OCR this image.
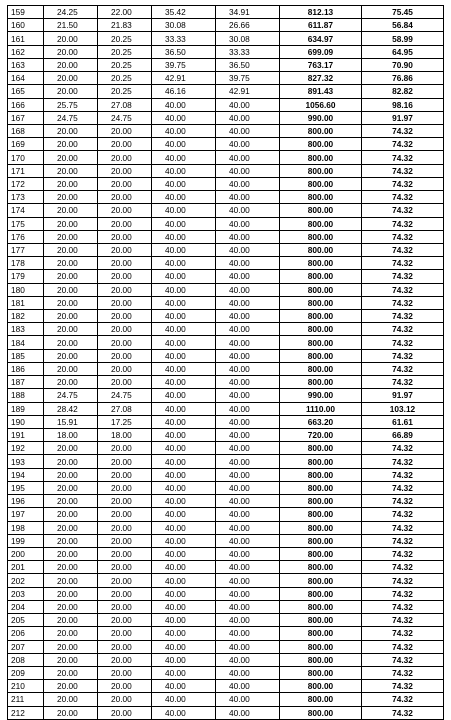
159	24.25	22.00	35.42	34.91	812.13	75.45
160	21.50	21.83	30.08	26.66	611.87	56.84
161	20.00	20.25	33.33	30.08	634.97	58.99
162	20.00	20.25	36.50	33.33	699.09	64.95
163	20.00	20.25	39.75	36.50	763.17	70.90
164	20.00	20.25	42.91	39.75	827.32	76.86
165	20.00	20.25	46.16	42.91	891.43	82.82
166	25.75	27.08	40.00	40.00	1056.60	98.16
167	24.75	24.75	40.00	40.00	990.00	91.97
168	20.00	20.00	40.00	40.00	800.00	74.32
169	20.00	20.00	40.00	40.00	800.00	74.32
170	20.00	20.00	40.00	40.00	800.00	74.32
171	20.00	20.00	40.00	40.00	800.00	74.32
172	20.00	20.00	40.00	40.00	800.00	74.32
173	20.00	20.00	40.00	40.00	800.00	74.32
174	20.00	20.00	40.00	40.00	800.00	74.32
175	20.00	20.00	40.00	40.00	800.00	74.32
176	20.00	20.00	40.00	40.00	800.00	74.32
177	20.00	20.00	40.00	40.00	800.00	74.32
178	20.00	20.00	40.00	40.00	800.00	74.32
179	20.00	20.00	40.00	40.00	800.00	74.32
180	20.00	20.00	40.00	40.00	800.00	74.32
181	20.00	20.00	40.00	40.00	800.00	74.32
182	20.00	20.00	40.00	40.00	800.00	74.32
183	20.00	20.00	40.00	40.00	800.00	74.32
184	20.00	20.00	40.00	40.00	800.00	74.32
185	20.00	20.00	40.00	40.00	800.00	74.32
186	20.00	20.00	40.00	40.00	800.00	74.32
187	20.00	20.00	40.00	40.00	800.00	74.32
188	24.75	24.75	40.00	40.00	990.00	91.97
189	28.42	27.08	40.00	40.00	1110.00	103.12
190	15.91	17.25	40.00	40.00	663.20	61.61
191	18.00	18.00	40.00	40.00	720.00	66.89
192	20.00	20.00	40.00	40.00	800.00	74.32
193	20.00	20.00	40.00	40.00	800.00	74.32
194	20.00	20.00	40.00	40.00	800.00	74.32
195	20.00	20.00	40.00	40.00	800.00	74.32
196	20.00	20.00	40.00	40.00	800.00	74.32
197	20.00	20.00	40.00	40.00	800.00	74.32
198	20.00	20.00	40.00	40.00	800.00	74.32
199	20.00	20.00	40.00	40.00	800.00	74.32
200	20.00	20.00	40.00	40.00	800.00	74.32
201	20.00	20.00	40.00	40.00	800.00	74.32
202	20.00	20.00	40.00	40.00	800.00	74.32
203	20.00	20.00	40.00	40.00	800.00	74.32
204	20.00	20.00	40.00	40.00	800.00	74.32
205	20.00	20.00	40.00	40.00	800.00	74.32
206	20.00	20.00	40.00	40.00	800.00	74.32
207	20.00	20.00	40.00	40.00	800.00	74.32
208	20.00	20.00	40.00	40.00	800.00	74.32
209	20.00	20.00	40.00	40.00	800.00	74.32
210	20.00	20.00	40.00	40.00	800.00	74.32
211	20.00	20.00	40.00	40.00	800.00	74.32
212	20.00	20.00	40.00	40.00	800.00	74.32
